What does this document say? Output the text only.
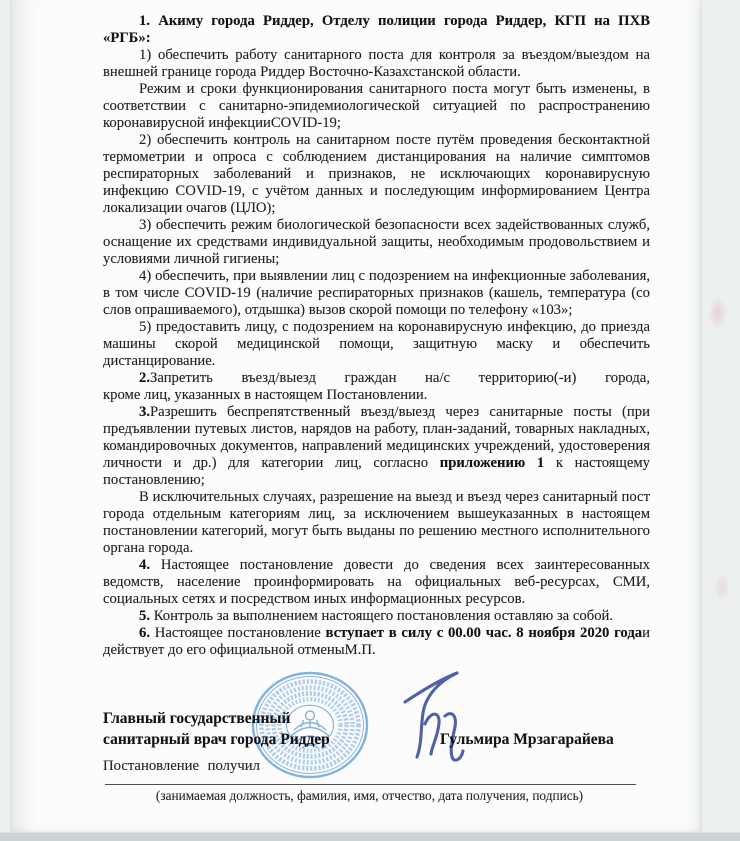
1. Акиму города Риддер, Отделу полиции города Риддер, КГП на ПХВ
«РГБ»:

1) обеспечить работу санитарного поста для контроля за въездом/выездом на внешней границе города Риддер Восточно-Казахстанской области.

Режим и сроки функционирования санитарного поста могут быть изменены, в соответствии с санитарно-эпидемиологической ситуацией по распространению коронавирусной инфекцииCOVID-19;

2) обеспечить контроль на санитарном посте путём проведения бесконтактной термометрии и опроса с соблюдением дистанцирования на наличие симптомов респираторных заболеваний и признаков, не исключающих коронавирусную инфекцию COVID-19, с учётом данных и последующим информированием Центра локализации очагов (ЦЛО);

3) обеспечить режим биологической безопасности всех задействованных служб, оснащение их средствами индивидуальной защиты, необходимым продовольствием и условиями личной гигиены;

4) обеспечить, при выявлении лиц с подозрением на инфекционные заболевания, в том числе COVID-19 (наличие респираторных признаков (кашель, температура (со слов опрашиваемого), отдышка) вызов скорой помощи по телефону «103»;

5) предоставить лицу, с подозрением на коронавирусную инфекцию, до приезда машины скорой медицинской помощи, защитную маску и обеспечить дистанцирование.

2.Запретить въезд/выезд граждан на/с территорию(-и) города,
кроме лиц, указанных в настоящем Постановлении.

3.Разрешить беспрепятственный въезд/выезд через санитарные посты (при предъявлении путевых листов, нарядов на работу, план-заданий, товарных накладных, командировочных документов, направлений медицинских учреждений, удостоверения личности и др.) для категории лиц, согласно приложению 1 к настоящему постановлению;

В исключительных случаях, разрешение на выезд и въезд через санитарный пост города отдельным категориям лиц, за исключением вышеуказанных в настоящем постановлении категорий, могут быть выданы по решению местного исполнительного органа города.

4. Настоящее постановление довести до сведения всех заинтересованных ведомств, население проинформировать на официальных веб-ресурсах, СМИ, социальных сетях и посредством иных информационных ресурсов.

5. Контроль за выполнением настоящего постановления оставляю за собой.

6. Настоящее постановление вступает в силу с 00.00 час. 8 ноября 2020 годаи действует до его официальной отменыМ.П.

Главный государственный
санитарный врач города Риддер	Гульмира Мрзагарайева
Постановление получил
(занимаемая должность, фамилия, имя, отчество, дата получения, подпись)
